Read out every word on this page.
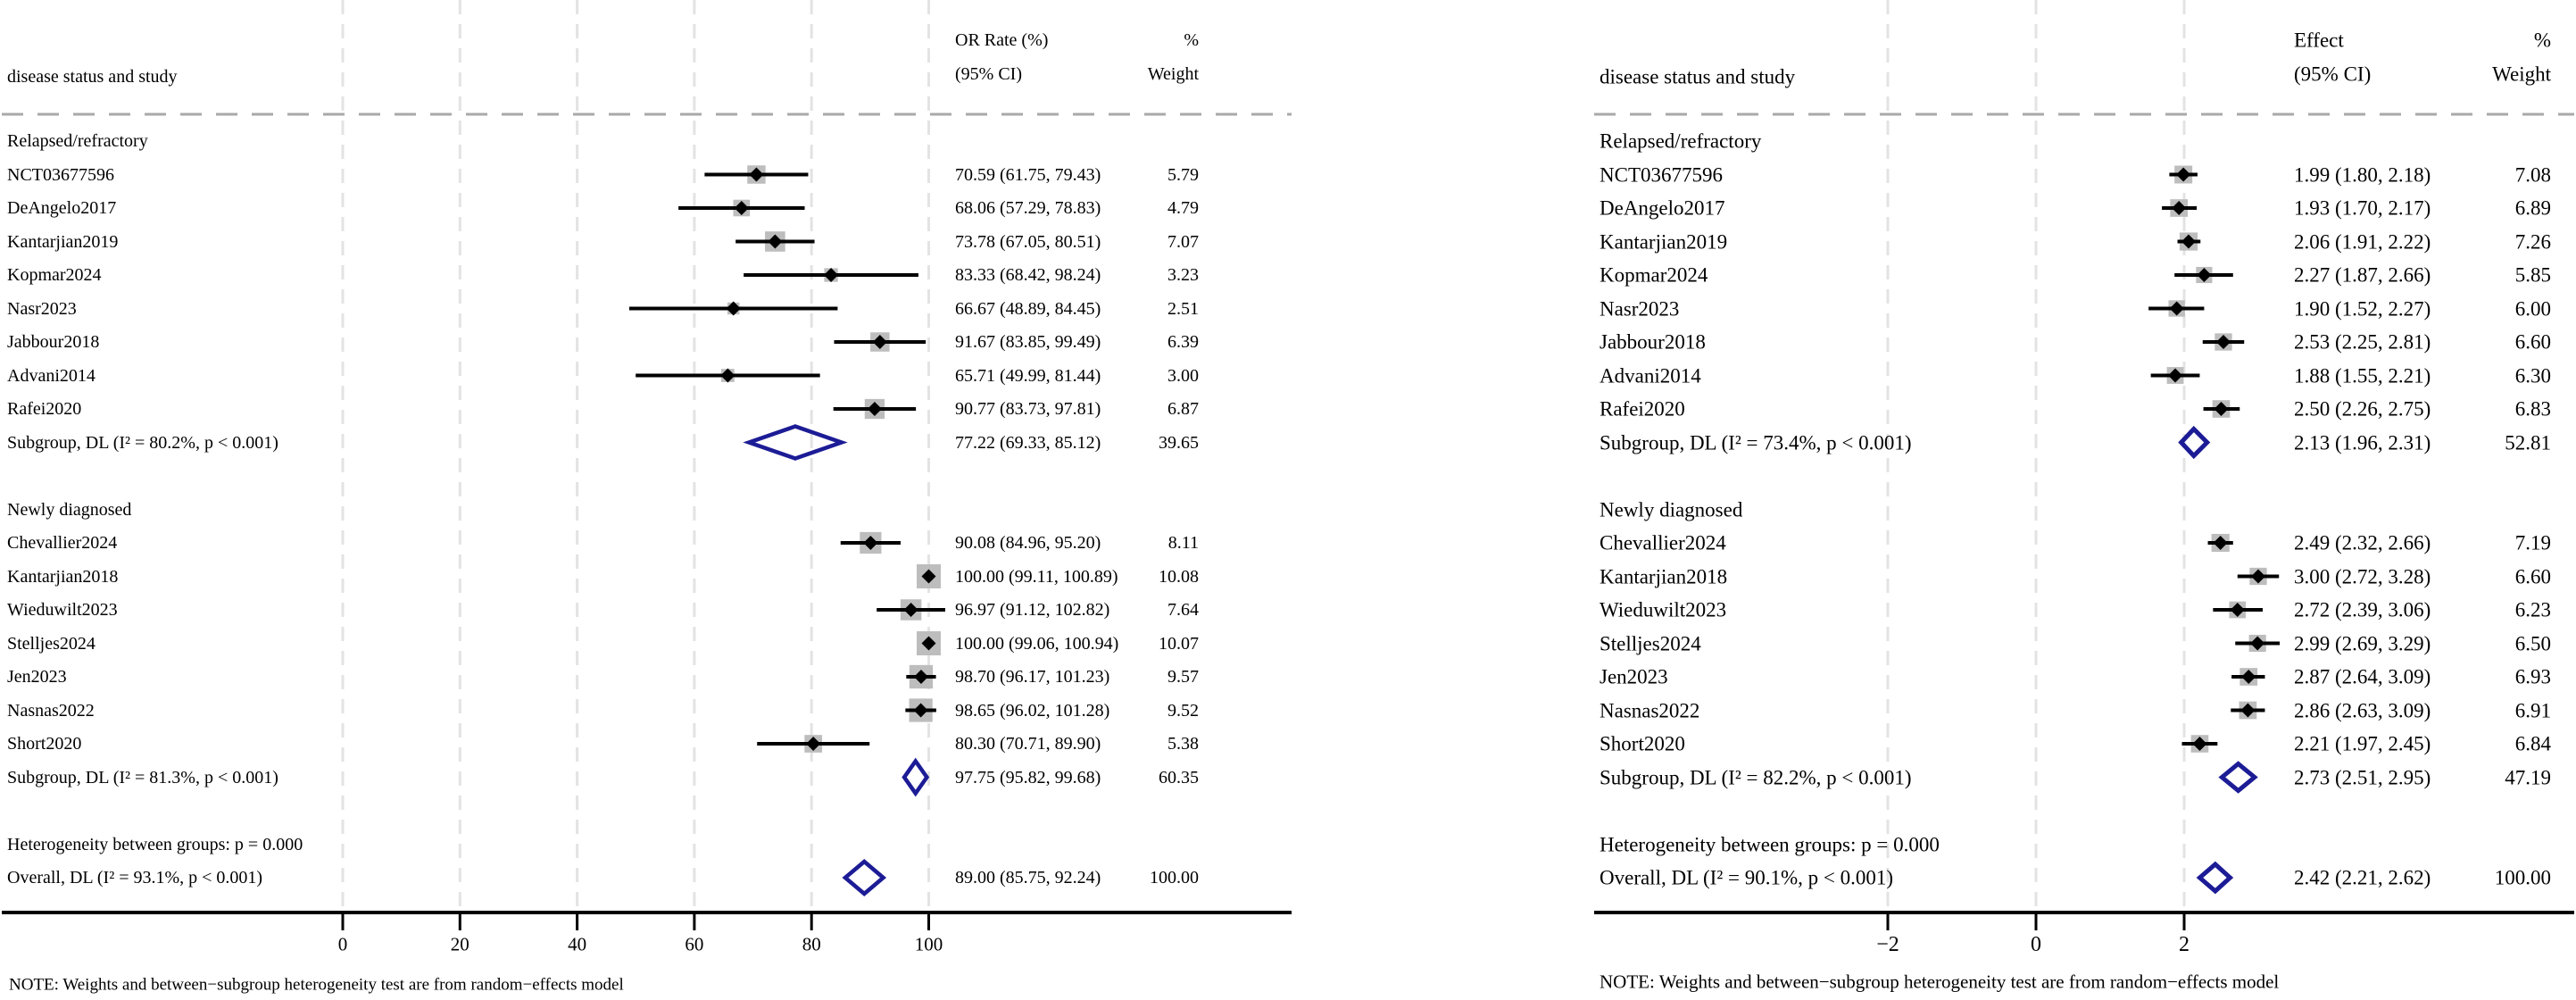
disease status and study
OR Rate (%)
(95% CI)
%
Weight
NOTE: Weights and between−subgroup heterogeneity test are from random−effects model
disease status and study
Effect
(95% CI)
%
Weight
NOTE: Weights and between−subgroup heterogeneity test are from random−effects model
0	20	40	60	80	100
Relapsed/refractory
NCT03677596	70.59 (61.75, 79.43)	5.79
DeAngelo2017	68.06 (57.29, 78.83)	4.79
Kantarjian2019	73.78 (67.05, 80.51)	7.07
Kopmar2024	83.33 (68.42, 98.24)	3.23
Nasr2023	66.67 (48.89, 84.45)	2.51
Jabbour2018	91.67 (83.85, 99.49)	6.39
Advani2014	65.71 (49.99, 81.44)	3.00
Rafei2020	90.77 (83.73, 97.81)	6.87
Subgroup, DL (I² = 80.2%, p < 0.001)	77.22 (69.33, 85.12)	39.65
Newly diagnosed
Chevallier2024	90.08 (84.96, 95.20)	8.11
Kantarjian2018	100.00 (99.11, 100.89)	10.08
Wieduwilt2023	96.97 (91.12, 102.82)	7.64
Stelljes2024	100.00 (99.06, 100.94)	10.07
Jen2023	98.70 (96.17, 101.23)	9.57
Nasnas2022	98.65 (96.02, 101.28)	9.52
Short2020	80.30 (70.71, 89.90)	5.38
Subgroup, DL (I² = 81.3%, p < 0.001)	97.75 (95.82, 99.68)	60.35
Heterogeneity between groups: p = 0.000
Overall, DL (I² = 93.1%, p < 0.001)	89.00 (85.75, 92.24)	100.00
−2	0	2
Relapsed/refractory
NCT03677596	1.99 (1.80, 2.18)	7.08
DeAngelo2017	1.93 (1.70, 2.17)	6.89
Kantarjian2019	2.06 (1.91, 2.22)	7.26
Kopmar2024	2.27 (1.87, 2.66)	5.85
Nasr2023	1.90 (1.52, 2.27)	6.00
Jabbour2018	2.53 (2.25, 2.81)	6.60
Advani2014	1.88 (1.55, 2.21)	6.30
Rafei2020	2.50 (2.26, 2.75)	6.83
Subgroup, DL (I² = 73.4%, p < 0.001)	2.13 (1.96, 2.31)	52.81
Newly diagnosed
Chevallier2024	2.49 (2.32, 2.66)	7.19
Kantarjian2018	3.00 (2.72, 3.28)	6.60
Wieduwilt2023	2.72 (2.39, 3.06)	6.23
Stelljes2024	2.99 (2.69, 3.29)	6.50
Jen2023	2.87 (2.64, 3.09)	6.93
Nasnas2022	2.86 (2.63, 3.09)	6.91
Short2020	2.21 (1.97, 2.45)	6.84
Subgroup, DL (I² = 82.2%, p < 0.001)	2.73 (2.51, 2.95)	47.19
Heterogeneity between groups: p = 0.000
Overall, DL (I² = 90.1%, p < 0.001)	2.42 (2.21, 2.62)	100.00
